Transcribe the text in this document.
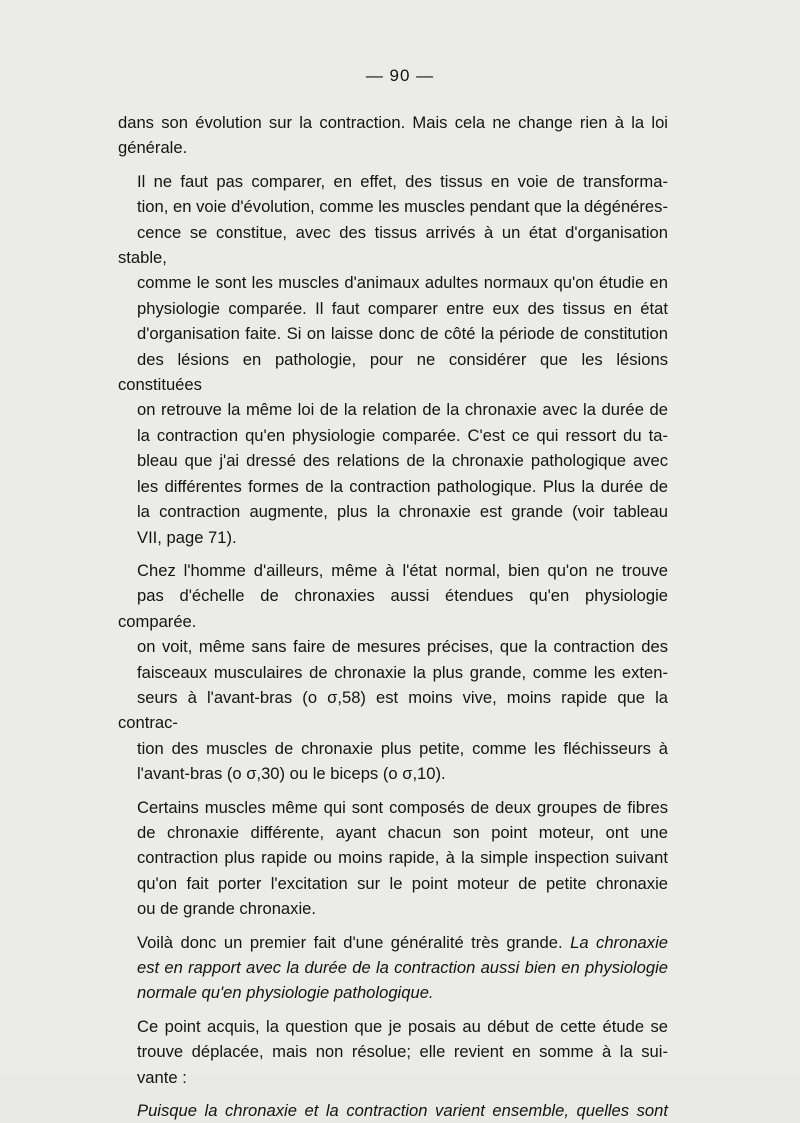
— 90 —

dans son évolution sur la contraction. Mais cela ne change rien à la loi
générale.

Il ne faut pas comparer, en effet, des tissus en voie de transforma-
tion, en voie d'évolution, comme les muscles pendant que la dégénéres-
cence se constitue, avec des tissus arrivés à un état d'organisation stable,
comme le sont les muscles d'animaux adultes normaux qu'on étudie en
physiologie comparée. Il faut comparer entre eux des tissus en état
d'organisation faite. Si on laisse donc de côté la période de constitution
des lésions en pathologie, pour ne considérer que les lésions constituées
on retrouve la même loi de la relation de la chronaxie avec la durée de
la contraction qu'en physiologie comparée. C'est ce qui ressort du ta-
bleau que j'ai dressé des relations de la chronaxie pathologique avec
les différentes formes de la contraction pathologique. Plus la durée de
la contraction augmente, plus la chronaxie est grande (voir tableau
VII, page 71).

Chez l'homme d'ailleurs, même à l'état normal, bien qu'on ne trouve
pas d'échelle de chronaxies aussi étendues qu'en physiologie comparée.
on voit, même sans faire de mesures précises, que la contraction des
faisceaux musculaires de chronaxie la plus grande, comme les exten-
seurs à l'avant-bras (o σ,58) est moins vive, moins rapide que la contrac-
tion des muscles de chronaxie plus petite, comme les fléchisseurs à
l'avant-bras (o σ,30) ou le biceps (o σ,10).

Certains muscles même qui sont composés de deux groupes de fibres
de chronaxie différente, ayant chacun son point moteur, ont une
contraction plus rapide ou moins rapide, à la simple inspection suivant
qu'on fait porter l'excitation sur le point moteur de petite chronaxie
ou de grande chronaxie.

Voilà donc un premier fait d'une généralité très grande. La chronaxie
est en rapport avec la durée de la contraction aussi bien en physiologie
normale qu'en physiologie pathologique.

Ce point acquis, la question que je posais au début de cette étude se
trouve déplacée, mais non résolue; elle revient en somme à la sui-
vante :

Puisque la chronaxie et la contraction varient ensemble, quelles sont
